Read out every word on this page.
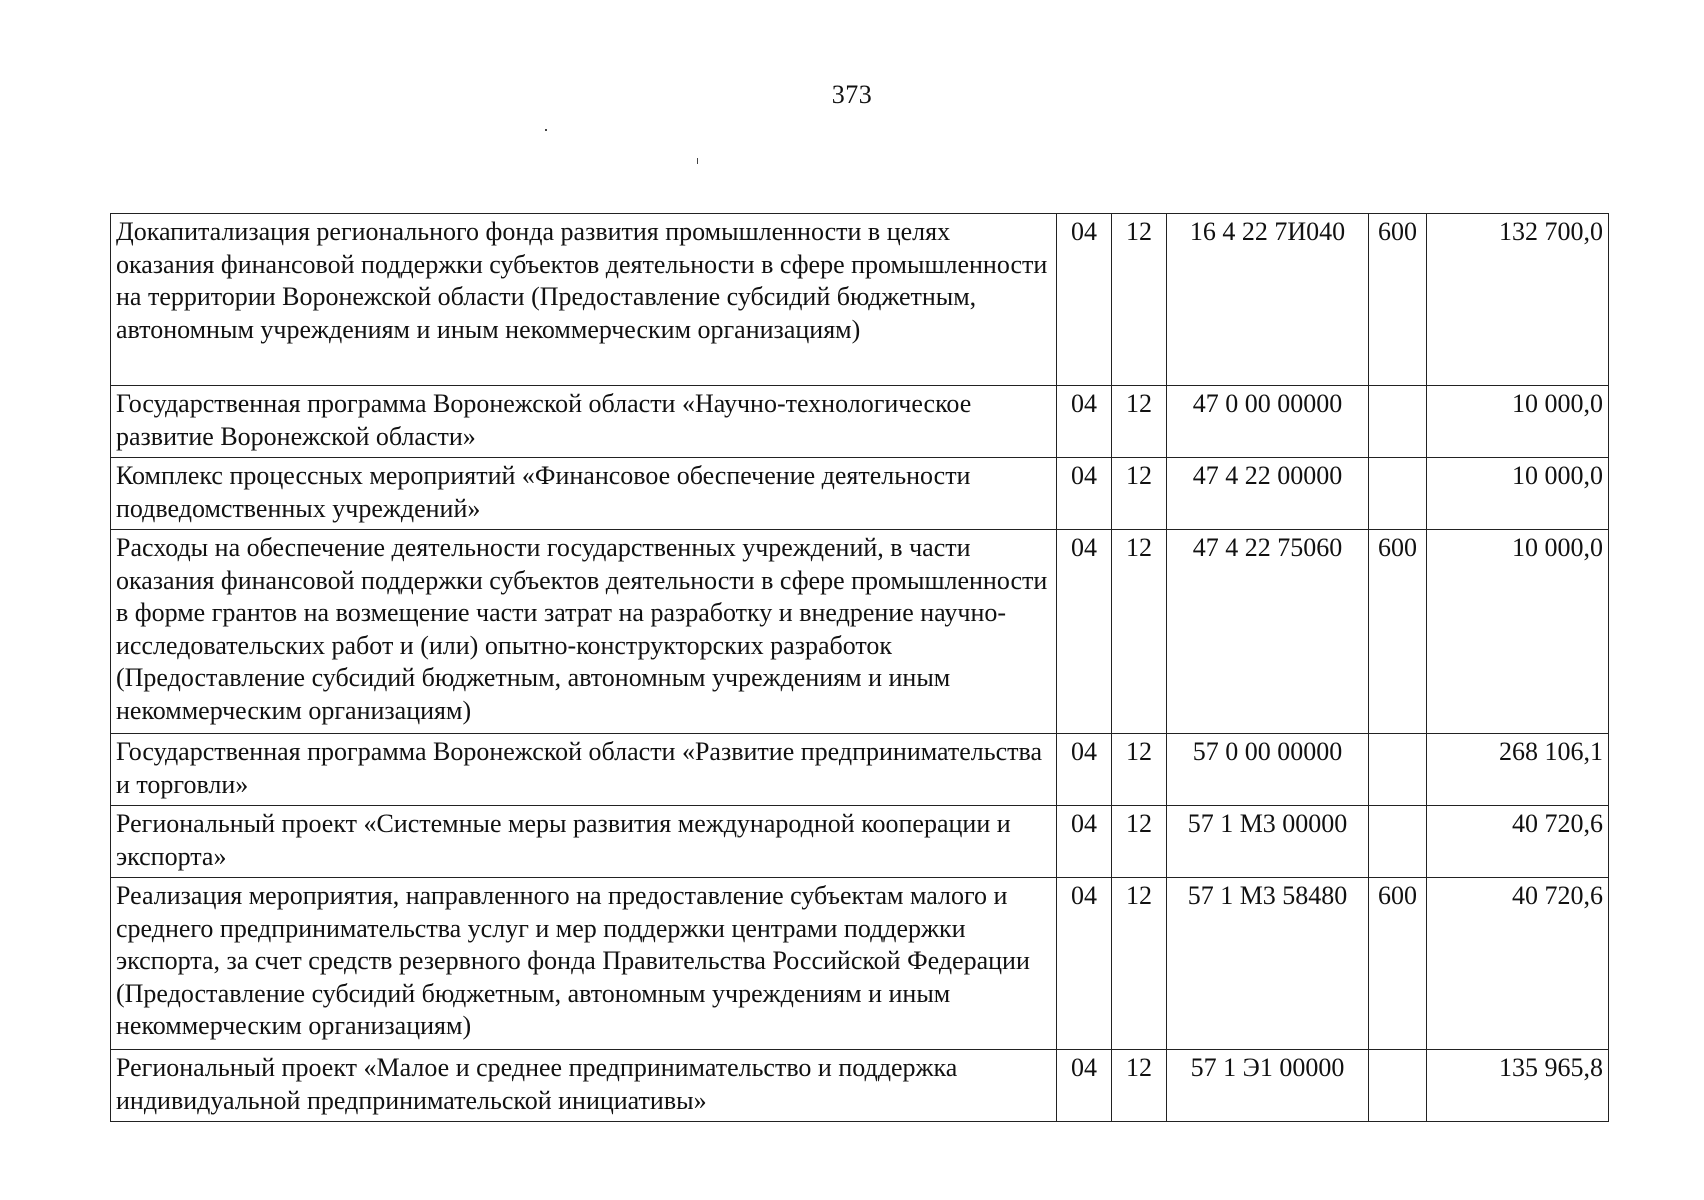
373
Докапитализация регионального фонда развития промышленности в целях оказания финансовой поддержки субъектов деятельности в сфере промышленности на территории Воронежской области (Предоставление субсидий бюджетным, автономным учреждениям и иным некоммерческим организациям)	04	12	16 4 22 7И040	600	132 700,0
Государственная программа Воронежской области «Научно-технологическое развитие Воронежской области»	04	12	47 0 00 00000		10 000,0
Комплекс процессных мероприятий «Финансовое обеспечение деятельности подведомственных учреждений»	04	12	47 4 22 00000		10 000,0
Расходы на обеспечение деятельности государственных учреждений, в части оказания финансовой поддержки субъектов деятельности в сфере промышленности в форме грантов на возмещение части затрат на разработку и внедрение научно-исследовательских работ и (или) опытно-конструкторских разработок (Предоставление субсидий бюджетным, автономным учреждениям и иным некоммерческим организациям)	04	12	47 4 22 75060	600	10 000,0
Государственная программа Воронежской области «Развитие предпринимательства и торговли»	04	12	57 0 00 00000		268 106,1
Региональный проект «Системные меры развития международной кооперации и экспорта»	04	12	57 1 М3 00000		40 720,6
Реализация мероприятия, направленного на предоставление субъектам малого и среднего предпринимательства услуг и мер поддержки центрами поддержки экспорта, за счет средств резервного фонда Правительства Российской Федерации (Предоставление субсидий бюджетным, автономным учреждениям и иным некоммерческим организациям)	04	12	57 1 М3 58480	600	40 720,6
Региональный проект «Малое и среднее предпринимательство и поддержка индивидуальной предпринимательской инициативы»	04	12	57 1 Э1 00000		135 965,8
